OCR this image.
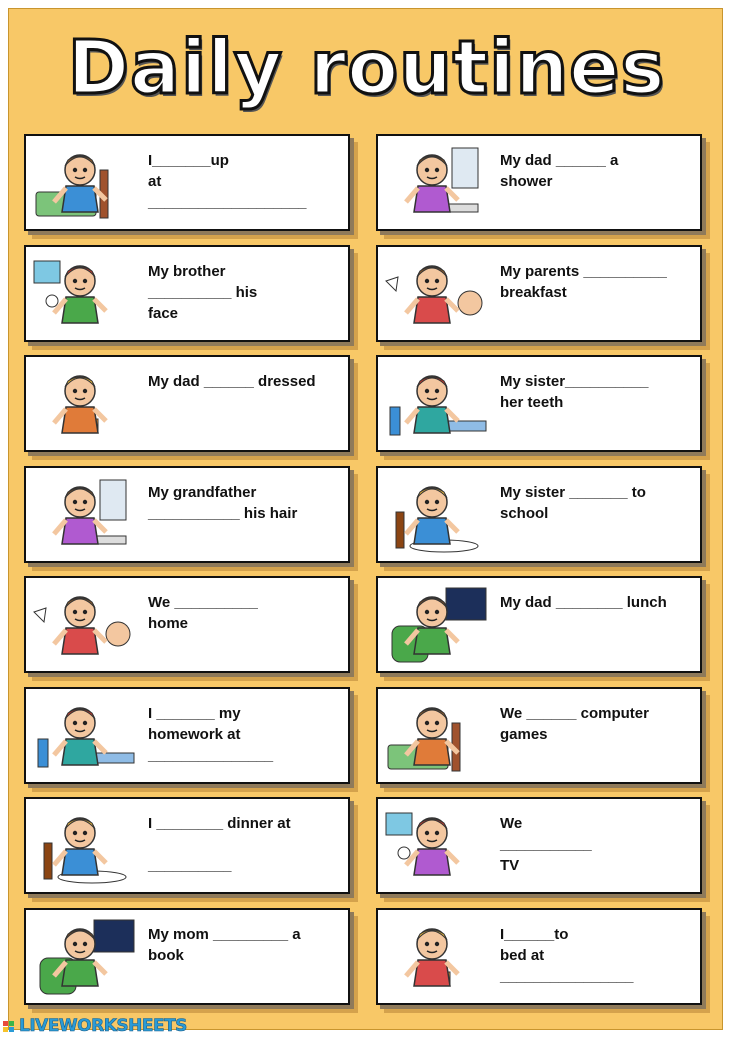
Daily routines
I_______up
at
___________________
My brother
__________ his
face
My dad ______ dressed
My grandfather
___________ his hair
We __________
home
I _______ my
homework at
_______________
I ________ dinner at

__________
My mom _________ a
book
My dad ______ a
shower
My parents __________
breakfast
My sister__________
her teeth
My sister _______ to
school
My dad ________ lunch
We ______ computer
games
We
___________
TV
I______to
bed at
________________
LIVEWORKSHEETS
